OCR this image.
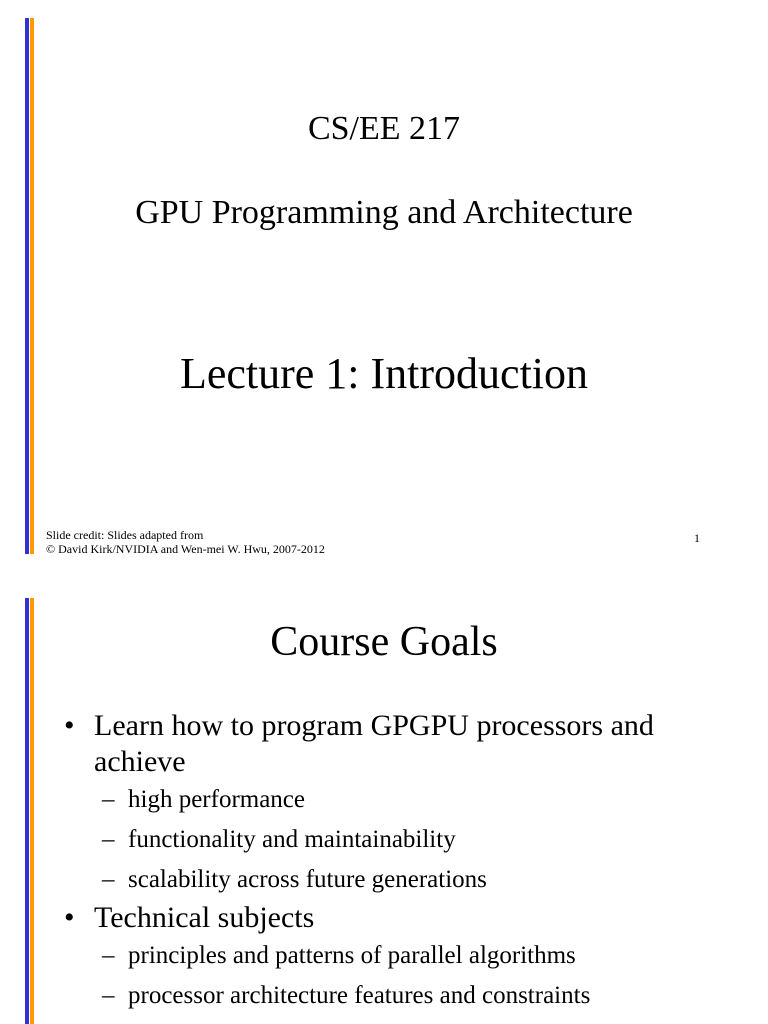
CS/EE 217
GPU Programming and Architecture
Lecture 1: Introduction
Slide credit: Slides adapted from
© David Kirk/NVIDIA and Wen-mei W. Hwu, 2007-2012
1
Course Goals
• Learn how to program GPGPU processors and achieve
– high performance
– functionality and maintainability
– scalability across future generations
• Technical subjects
– principles and patterns of parallel algorithms
– processor architecture features and constraints
